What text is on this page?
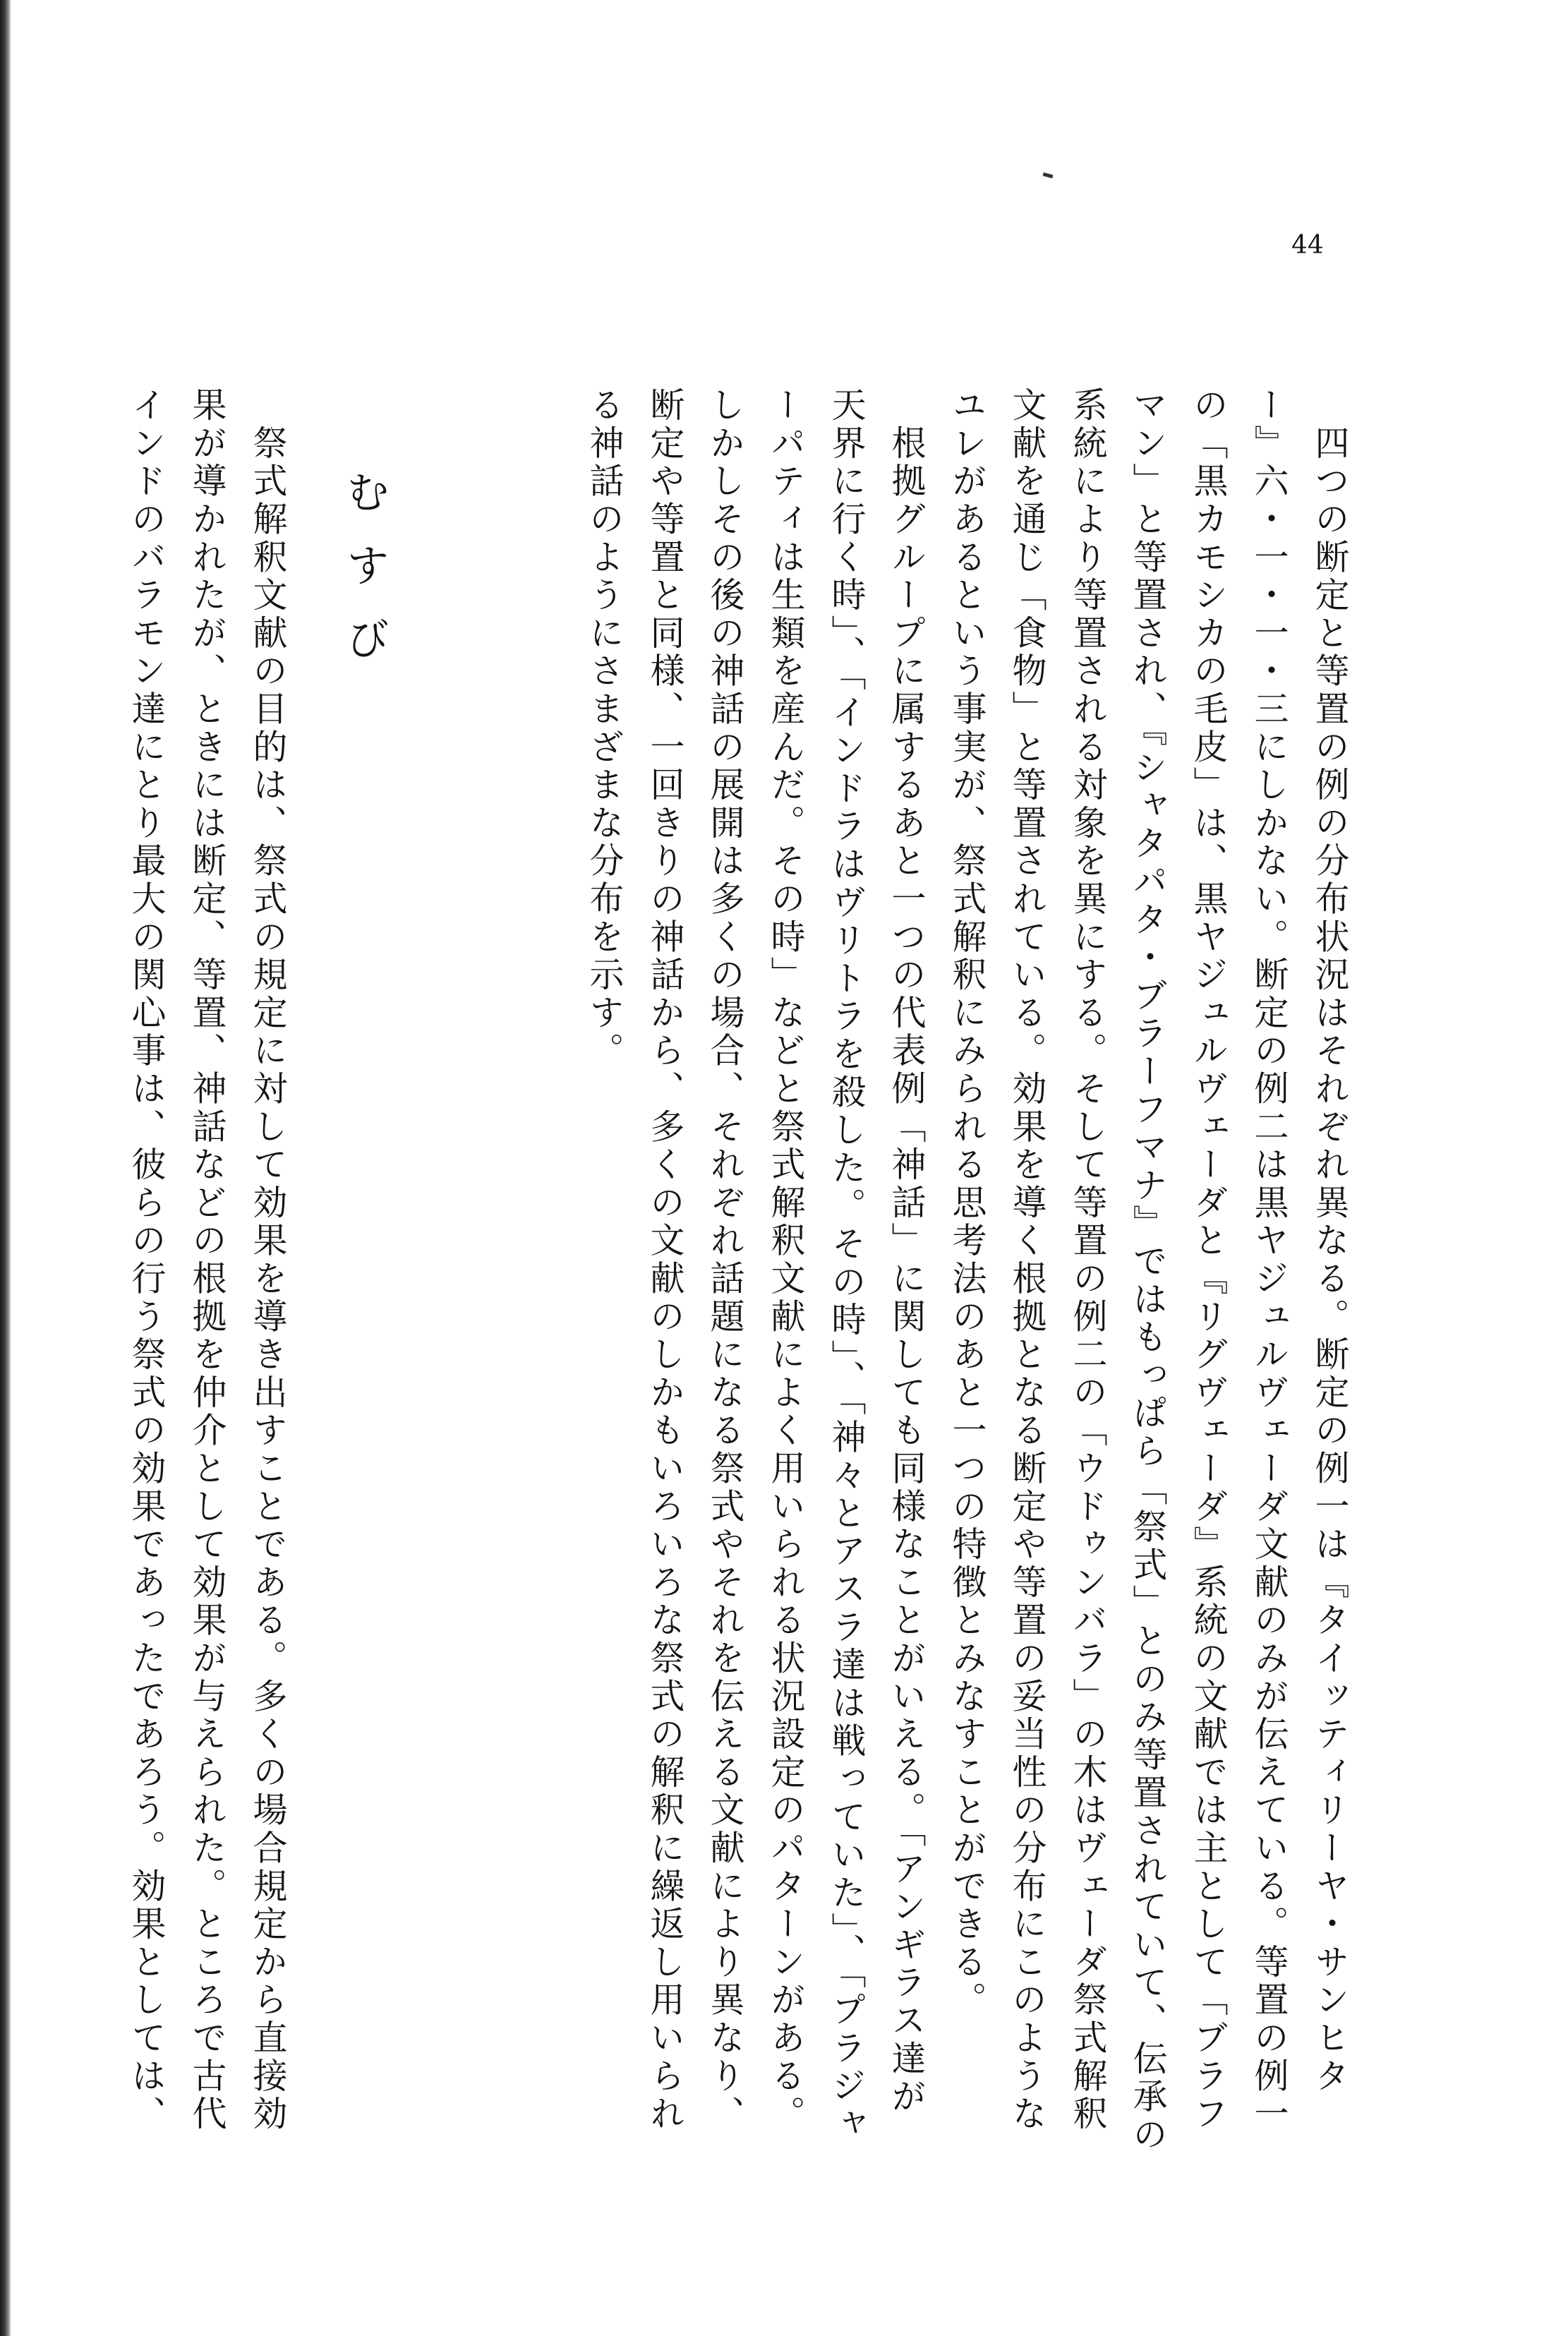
44
　四つの断定と等置の例の分布状況はそれぞれ異なる。断定の例一は『タイッティリーヤ・サンヒタ
ー』六・一・一・三にしかない。断定の例二は黒ヤジュルヴェーダ文献のみが伝えている。等置の例一
の「黒カモシカの毛皮」は、黒ヤジュルヴェーダと『リグヴェーダ』系統の文献では主として「ブラフ
マン」と等置され、『シャタパタ・ブラーフマナ』ではもっぱら「祭式」とのみ等置されていて、伝承の
系統により等置される対象を異にする。そして等置の例二の「ウドゥンバラ」の木はヴェーダ祭式解釈
文献を通じ「食物」と等置されている。効果を導く根拠となる断定や等置の妥当性の分布にこのような
ユレがあるという事実が、祭式解釈にみられる思考法のあと一つの特徴とみなすことができる。
　根拠グループに属するあと一つの代表例「神話」に関しても同様なことがいえる。「アンギラス達が
天界に行く時」、「インドラはヴリトラを殺した。その時」、「神々とアスラ達は戦っていた」、「プラジャ
ーパティは生類を産んだ。その時」などと祭式解釈文献によく用いられる状況設定のパターンがある。
しかしその後の神話の展開は多くの場合、それぞれ話題になる祭式やそれを伝える文献により異なり、
断定や等置と同様、一回きりの神話から、多くの文献のしかもいろいろな祭式の解釈に繰返し用いられ
る神話のようにさまざまな分布を示す。
むすび
　祭式解釈文献の目的は、祭式の規定に対して効果を導き出すことである。多くの場合規定から直接効
果が導かれたが、ときには断定、等置、神話などの根拠を仲介として効果が与えられた。ところで古代
インドのバラモン達にとり最大の関心事は、彼らの行う祭式の効果であったであろう。効果としては、
